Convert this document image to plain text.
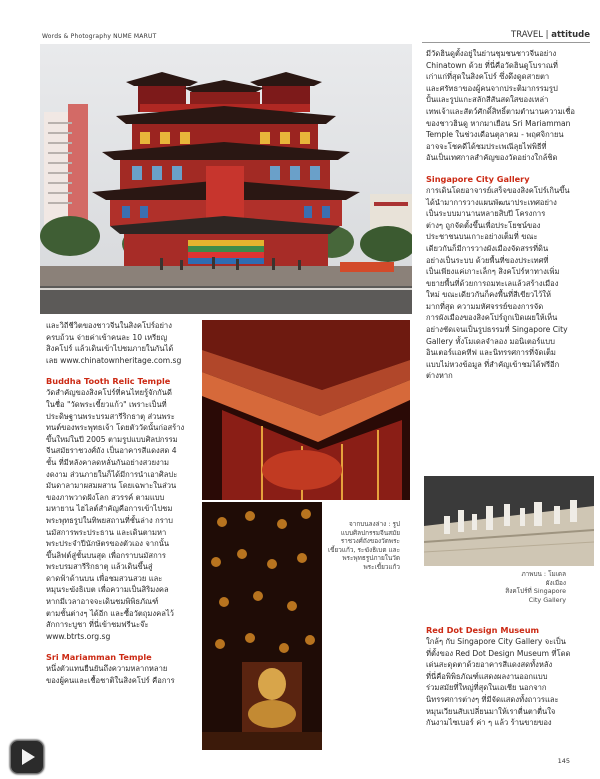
Words & Photography NUME MARUT	TRAVEL | attitude

และวิถีชีวิตของชาวจีนในสิงคโปร์อย่าง

ครบถ้วน จ่ายค่าเข้าคนละ 10 เหรียญ

สิงคโปร์ แล้วเดินเข้าไปชมภายในกันได้

เลย www.chinatownheritage.com.sg

Buddha Tooth Relic Temple

วัดสำคัญของสิงคโปร์ที่คนไทยรู้จักกันดี

ในชื่อ "วัดพระเขี้ยวแก้ว" เพราะเป็นที่

ประดิษฐานพระบรมสารีริกธาตุ ส่วนพระ

ทนต์ของพระพุทธเจ้า โดยตัววัดนั้นก่อสร้าง

ขึ้นใหม่ในปี 2005 ตามรูปแบบศิลปกรรม

จีนสมัยราชวงศ์ถัง เป็นอาคารสีแดงสด 4

ชั้น ที่มีหลังคาลดหลั่นกันอย่างสวยงาม

งดงาม ส่วนภายในก็ได้มีการนำเอาศิลปะ

มันดาลามาผสมผสาน โดยเฉพาะในส่วน

ของภาพวาดฝังโลก สวรรค์ ตามแบบ

มหายาน ไฮไลต์สำคัญคือการเข้าไปชม

พระพุทธรูปในทิพยสถานที่ชั้นล่าง กราบ

นมัสการพระประธาน และเดินตามหา

พระประจำปีนักษัตรของตัวเอง จากนั้น

ขึ้นลิฟต์สู่ชั้นบนสุด เพื่อกราบนมัสการ

พระบรมสารีริกธาตุ แล้วเดินขึ้นสู่

ดาดฟ้าด้านบน เพื่อชมสวนสวย และ

หมุนระฆังธิเบต เพื่อความเป็นสิริมงคล

หากมีเวลาอาจจะเดินชมพิพิธภัณฑ์

ตามชั้นต่างๆ ได้อีก และซื้อวัตถุมงคลไว้

สักการะบูชา ที่นี่เข้าชมฟรีนะจ๊ะ

www.btrts.org.sg

Sri Mariamman Temple

หนึ่งตัวแทนยืนยันถึงความหลากหลาย

ของผู้คนและเชื้อชาติในสิงคโปร์ คือการ

จากบนลงล่าง : รูป
แบบศิลปกรรมจีนสมัย
ราชวงศ์ถังของวัดพระ
เขี้ยวแก้ว, ระฆังธิเบต และ
พระพุทธรูปภายในวัด
พระเขี้ยวแก้ว

มีวัดฮินดูตั้งอยู่ในย่านชุมชนชาวจีนอย่าง

Chinatown ด้วย ที่นี่คือวัดฮินดูโบราณที่

เก่าแก่ที่สุดในสิงคโปร์ ซึ่งดึงดูดสายตา

และศรัทธาของผู้คนจากประติมากรรมรูป

ปั้นและรูปแกะสลักสีสันสดใสของเหล่า

เทพเจ้าและสัตว์ศักดิ์สิทธิ์ตามตำนานความเชื่อ

ของชาวฮินดู หากมาเยือน Sri Mariamman

Temple ในช่วงเดือนตุลาคม - พฤศจิกายน

อาจจะโชคดีได้ชมประเพณีลุยไฟพิธีที่

อันเป็นเทศกาลสำคัญของวัดอย่างใกล้ชิด

Singapore City Gallery

การเดินโดยอาจารย์เสร็จของสิงคโปร์เกินขึ้น

ได้นำมาการวางแผนพัฒนาประเทศอย่าง

เป็นระบบมานานหลายสิบปี โครงการ

ต่างๆ ถูกจัดตั้งขึ้นเพื่อประโยชน์ของ

ประชาชนบนเกาะอย่างเต็มที่ ขณะ

เดียวกันก็มีการวางผังเมืองจัดสรรที่ดิน

อย่างเป็นระบบ ด้วยพื้นที่ของประเทศที่

เป็นเพียงแค่เกาะเล็กๆ สิงคโปร์หาทางเพิ่ม

ขยายพื้นที่ด้วยการถมทะเลแล้วสร้างเมือง

ใหม่ ขณะเดียวกันก็คงพื้นที่สีเขียวไว้ให้

มากที่สุด ความมหัศจรรย์ของการจัด

การผังเมืองของสิงคโปร์ถูกเปิดเผยให้เห็น

อย่างชัดเจนเป็นรูปธรรมที่ Singapore City

Gallery ทั้งโมเดลจำลอง มอนิเตอร์แบบ

อินเตอร์แอคทีฟ และนิทรรศการที่จัดเต็ม

แบบไม่หวงข้อมูล ที่สำคัญเข้าชมได้ฟรีอีก

ต่างหาก

ภาพบน : โมเดลผังเมือง
สิงคโปร์ที่ Singapore
City Gallery

Red Dot Design Museum

ใกล้ๆ กับ Singapore City Gallery จะเป็น

ที่ตั้งของ Red Dot Design Museum ที่โดด

เด่นสะดุดตาด้วยอาคารสีแดงสดทั้งหลัง

ที่นี่คือพิพิธภัณฑ์แสดงผลงานออกแบบ

ร่วมสมัยที่ใหญ่ที่สุดในเอเชีย นอกจาก

นิทรรศการต่างๆ ที่มีจัดแสดงทั้งถาวรและ

หมุนเวียนสับเปลี่ยนมาให้เราตื่นตาตื่นใจ

กันงามไซเบอร์ ค่า ๆ แล้ว ร้านขายของ

145
